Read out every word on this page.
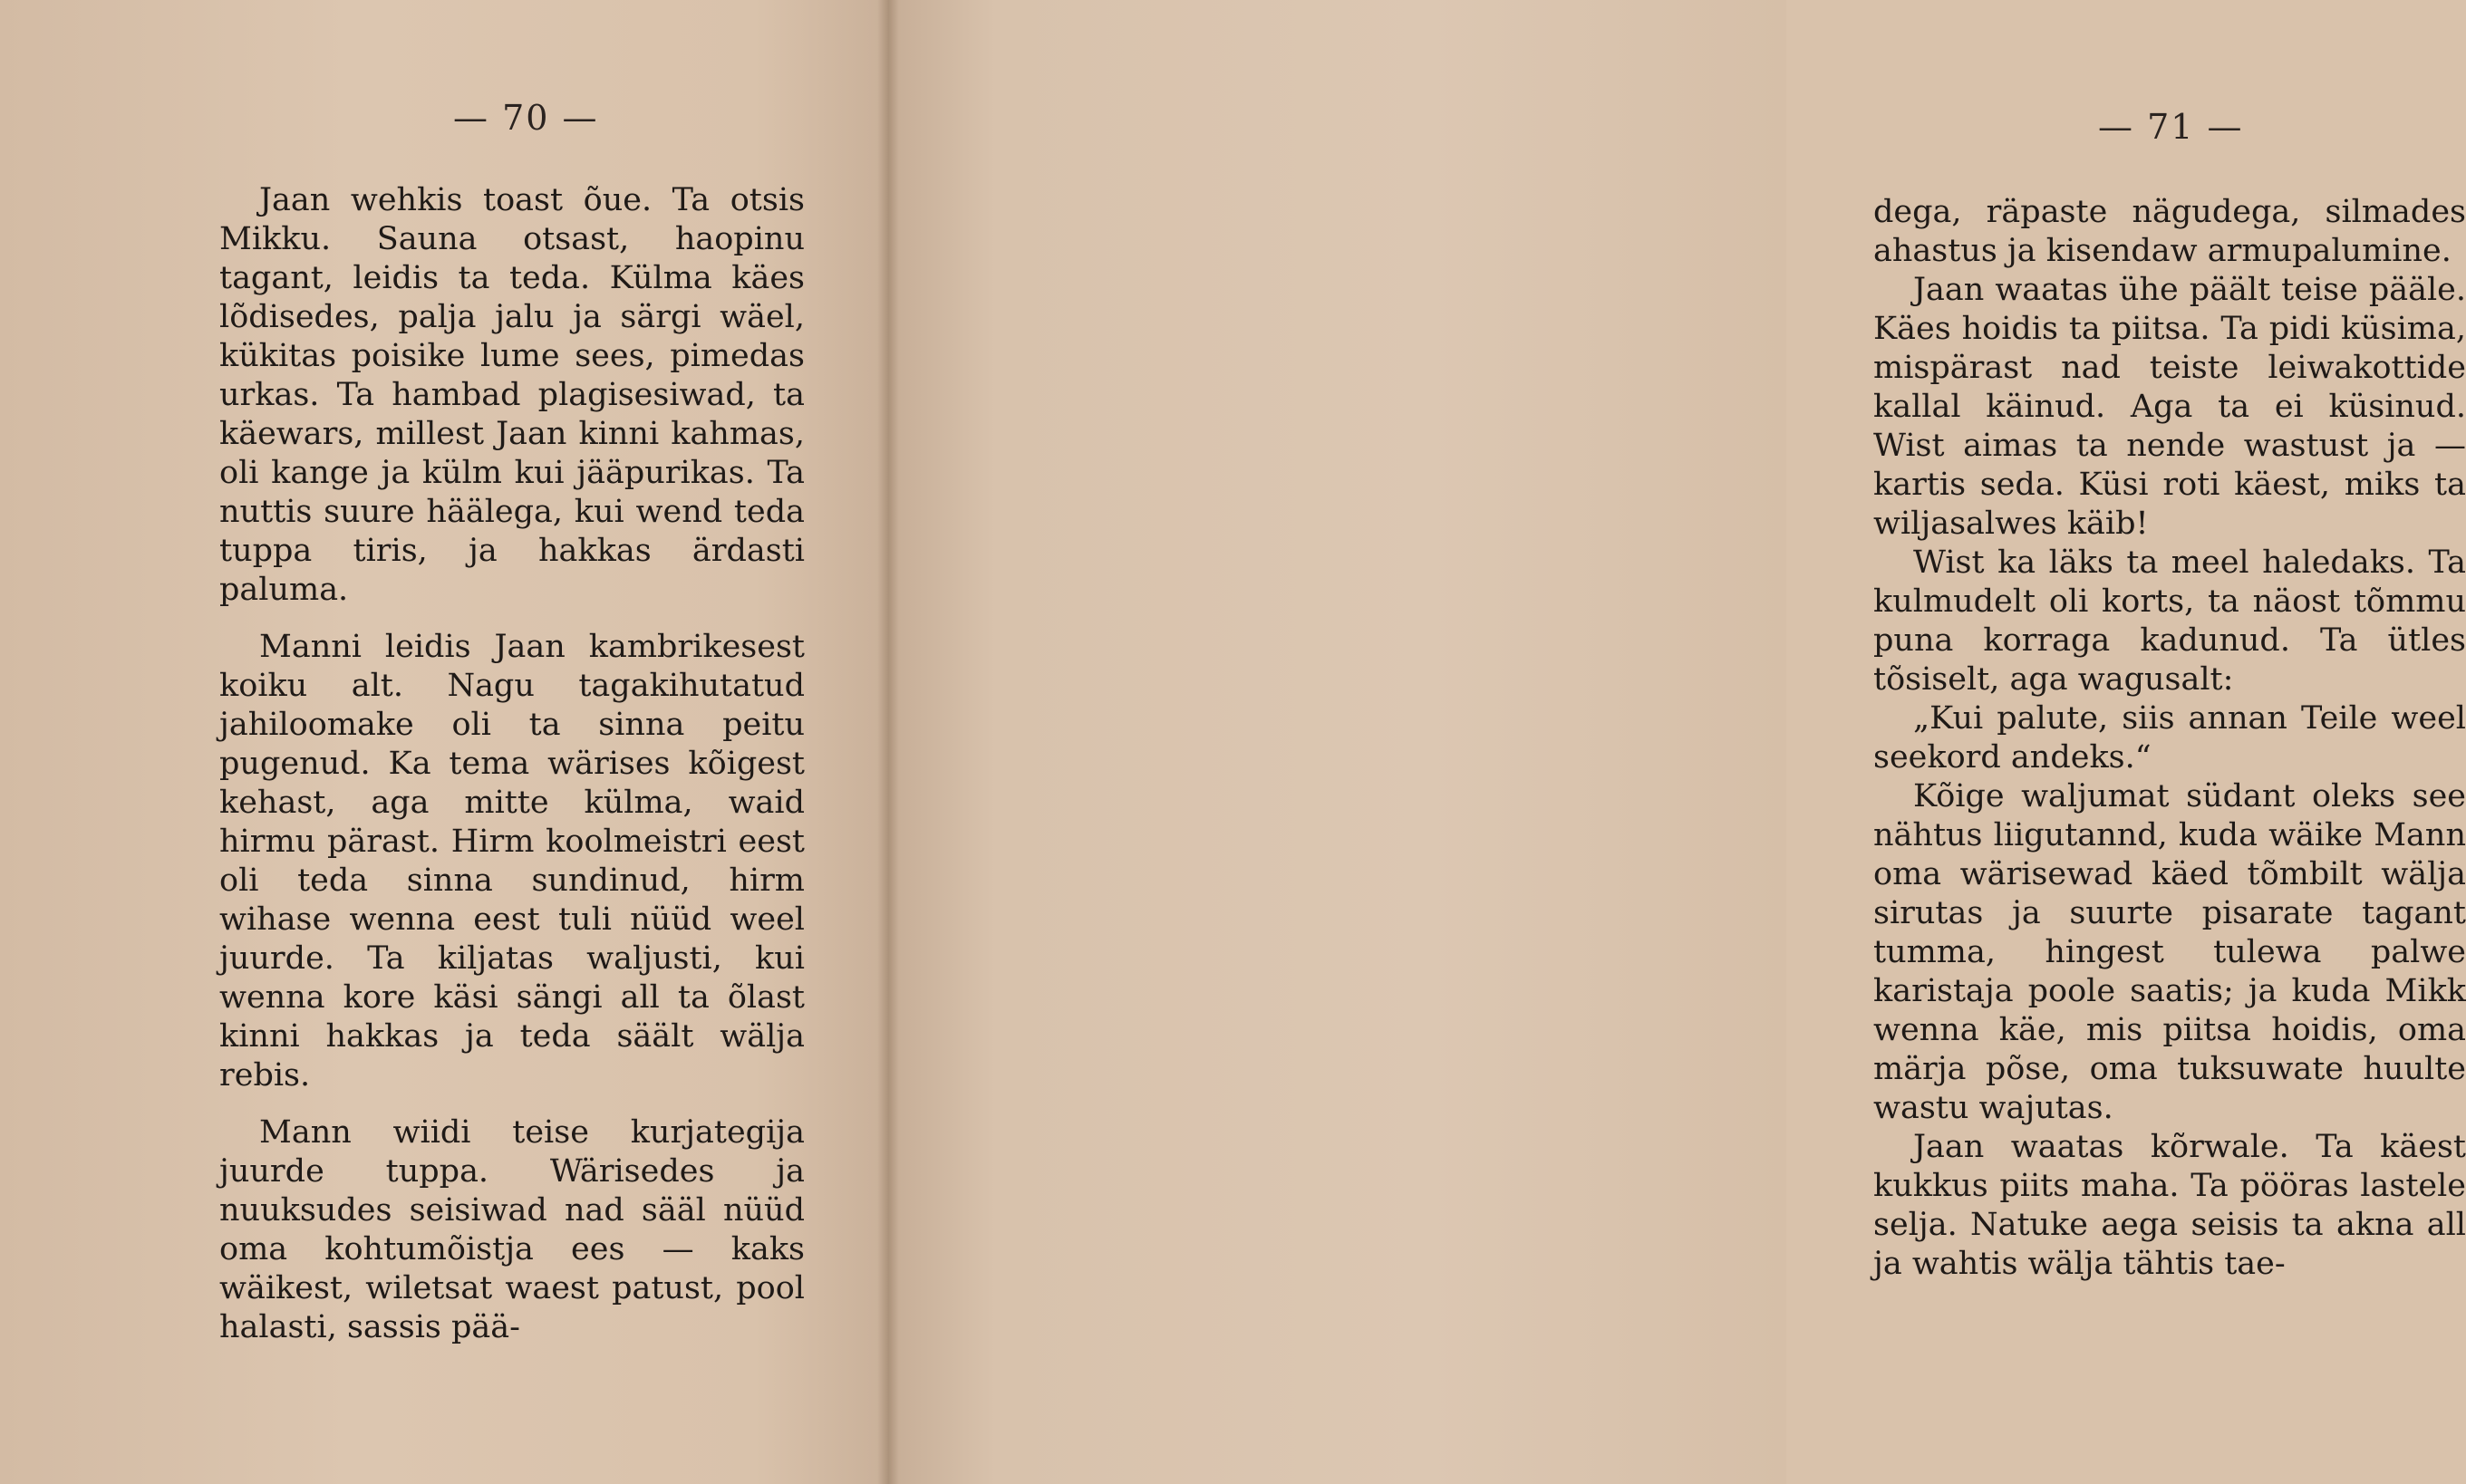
— 70 —

Jaan wehkis toast õue. Ta otsis Mikku. Sauna otsast, haopinu tagant, leidis ta teda. Külma käes lõdisedes, palja jalu ja särgi wäel, kükitas poisike lume sees, pimedas urkas. Ta hambad plagisesiwad, ta käewars, millest Jaan kinni kahmas, oli kange ja külm kui jääpurikas. Ta nuttis suure häälega, kui wend teda tuppa tiris, ja hakkas ärdasti paluma.

Manni leidis Jaan kambrikesest koiku alt. Nagu tagakihutatud jahiloomake oli ta sinna peitu pugenud. Ka tema wärises kõigest kehast, aga mitte külma, waid hirmu pärast. Hirm koolmeistri eest oli teda sinna sundinud, hirm wihase wenna eest tuli nüüd weel juurde. Ta kiljatas waljusti, kui wenna kore käsi sängi all ta õlast kinni hakkas ja teda säält wälja rebis.

Mann wiidi teise kurjategija juurde tuppa. Wärisedes ja nuuksudes seisiwad nad sääl nüüd oma kohtumõistja ees — kaks wäikest, wiletsat waest patust, pool halasti, sassis pää-

— 71 —

dega, räpaste nägudega, silmades ahastus ja kisendaw armupalumine.

Jaan waatas ühe päält teise pääle. Käes hoidis ta piitsa. Ta pidi küsima, mispärast nad teiste leiwakottide kallal käinud. Aga ta ei küsinud. Wist aimas ta nende wastust ja — kartis seda. Küsi roti käest, miks ta wiljasalwes käib!

Wist ka läks ta meel haledaks. Ta kulmudelt oli korts, ta näost tõmmu puna korraga kadunud. Ta ütles tõsiselt, aga wagusalt:

„Kui palute, siis annan Teile weel seekord andeks.“

Kõige waljumat südant oleks see nähtus liigutannd, kuda wäike Mann oma wärisewad käed tõmbilt wälja sirutas ja suurte pisarate tagant tumma, hingest tulewa palwe karistaja poole saatis; ja kuda Mikk wenna käe, mis piitsa hoidis, oma märja põse, oma tuksuwate huulte wastu wajutas.

Jaan waatas kõrwale. Ta käest kukkus piits maha. Ta pööras lastele selja. Natuke aega seisis ta akna all ja wahtis wälja tähtis tae-
